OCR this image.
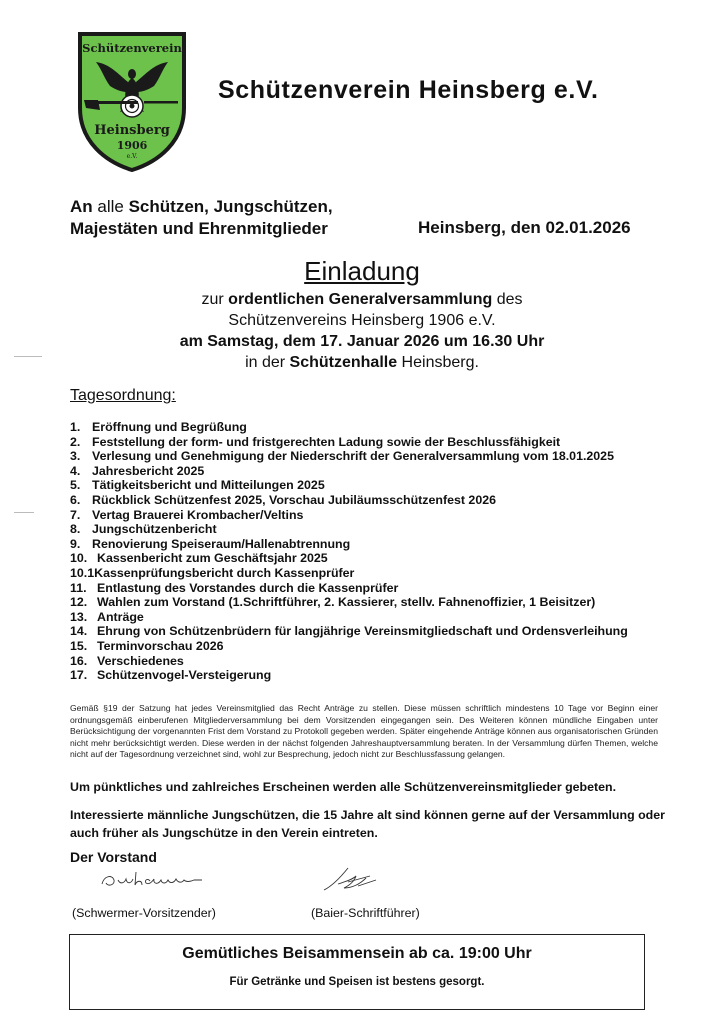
Schützenverein
Heinsberg
1906
e.V.
Schützenverein Heinsberg e.V.
An alle Schützen, Jungschützen,
Majestäten und Ehrenmitglieder	Heinsberg, den 02.01.2026
Einladung
zur ordentlichen Generalversammlung des
Schützenvereins Heinsberg 1906 e.V.
am Samstag, dem 17. Januar 2026 um 16.30 Uhr
in der Schützenhalle Heinsberg.
Tagesordnung:
1. Eröffnung und Begrüßung
2. Feststellung der form- und fristgerechten Ladung sowie der Beschlussfähigkeit
3. Verlesung und Genehmigung der Niederschrift der Generalversammlung vom 18.01.2025
4. Jahresbericht 2025
5. Tätigkeitsbericht und Mitteilungen 2025
6. Rückblick Schützenfest 2025, Vorschau Jubiläumsschützenfest 2026
7. Vertag Brauerei Krombacher/Veltins
8. Jungschützenbericht
9. Renovierung Speiseraum/Hallenabtrennung
10. Kassenbericht zum Geschäftsjahr 2025
10.1Kassenprüfungsbericht durch Kassenprüfer
11. Entlastung des Vorstandes durch die Kassenprüfer
12. Wahlen zum Vorstand (1.Schriftführer, 2. Kassierer, stellv. Fahnenoffizier, 1 Beisitzer)
13. Anträge
14. Ehrung von Schützenbrüdern für langjährige Vereinsmitgliedschaft und Ordensverleihung
15. Terminvorschau 2026
16. Verschiedenes
17. Schützenvogel-Versteigerung
Gemäß §19 der Satzung hat jedes Vereinsmitglied das Recht Anträge zu stellen. Diese müssen schriftlich mindestens 10 Tage vor Beginn einer ordnungsgemäß einberufenen Mitgliederversammlung bei dem Vorsitzenden eingegangen sein. Des Weiteren können mündliche Eingaben unter Berücksichtigung der vorgenannten Frist dem Vorstand zu Protokoll gegeben werden. Später eingehende Anträge können aus organisatorischen Gründen nicht mehr berücksichtigt werden. Diese werden in der nächst folgenden Jahreshauptversammlung beraten. In der Versammlung dürfen Themen, welche nicht auf der Tagesordnung verzeichnet sind, wohl zur Besprechung, jedoch nicht zur Beschlussfassung gelangen.
Um pünktliches und zahlreiches Erscheinen werden alle Schützenvereinsmitglieder gebeten.
Interessierte männliche Jungschützen, die 15 Jahre alt sind können gerne auf der Versammlung oder auch früher als Jungschütze in den Verein eintreten.
Der Vorstand
(Schwermer-Vorsitzender)	(Baier-Schriftführer)
Gemütliches Beisammensein ab ca. 19:00 Uhr
Für Getränke und Speisen ist bestens gesorgt.
